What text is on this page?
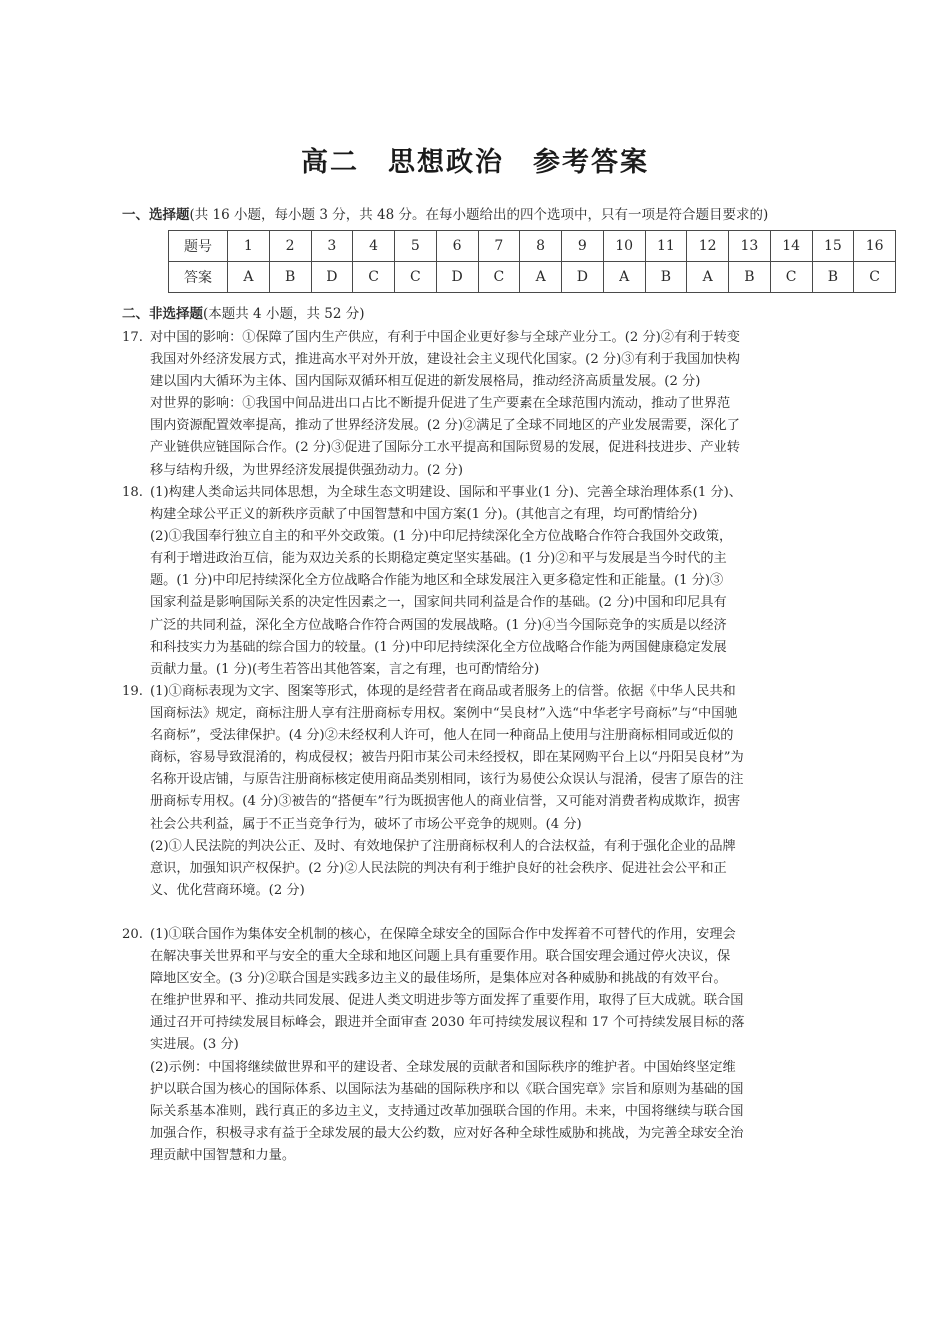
高二　思想政治　参考答案
一、选择题(共 16 小题，每小题 3 分，共 48 分。在每小题给出的四个选项中，只有一项是符合题目要求的)
题号	1	2	3	4	5	6	7	8	9	10	11	12	13	14	15	16
答案	A	B	D	C	C	D	C	A	D	A	B	A	B	C	B	C
二、非选择题(本题共 4 小题，共 52 分)

17. 对中国的影响：①保障了国内生产供应，有利于中国企业更好参与全球产业分工。(2 分)②有利于转变

我国对外经济发展方式，推进高水平对外开放，建设社会主义现代化国家。(2 分)③有利于我国加快构

建以国内大循环为主体、国内国际双循环相互促进的新发展格局，推动经济高质量发展。(2 分)

对世界的影响：①我国中间品进出口占比不断提升促进了生产要素在全球范围内流动，推动了世界范

围内资源配置效率提高，推动了世界经济发展。(2 分)②满足了全球不同地区的产业发展需要，深化了

产业链供应链国际合作。(2 分)③促进了国际分工水平提高和国际贸易的发展，促进科技进步、产业转

移与结构升级，为世界经济发展提供强劲动力。(2 分)

18. (1)构建人类命运共同体思想，为全球生态文明建设、国际和平事业(1 分)、完善全球治理体系(1 分)、

构建全球公平正义的新秩序贡献了中国智慧和中国方案(1 分)。(其他言之有理，均可酌情给分)

(2)①我国奉行独立自主的和平外交政策。(1 分)中印尼持续深化全方位战略合作符合我国外交政策，

有利于增进政治互信，能为双边关系的长期稳定奠定坚实基础。(1 分)②和平与发展是当今时代的主

题。(1 分)中印尼持续深化全方位战略合作能为地区和全球发展注入更多稳定性和正能量。(1 分)③

国家利益是影响国际关系的决定性因素之一，国家间共同利益是合作的基础。(2 分)中国和印尼具有

广泛的共同利益，深化全方位战略合作符合两国的发展战略。(1 分)④当今国际竞争的实质是以经济

和科技实力为基础的综合国力的较量。(1 分)中印尼持续深化全方位战略合作能为两国健康稳定发展

贡献力量。(1 分)(考生若答出其他答案，言之有理，也可酌情给分)

19. (1)①商标表现为文字、图案等形式，体现的是经营者在商品或者服务上的信誉。依据《中华人民共和

国商标法》规定，商标注册人享有注册商标专用权。案例中“吴良材”入选“中华老字号商标”与“中国驰

名商标”，受法律保护。(4 分)②未经权利人许可，他人在同一种商品上使用与注册商标相同或近似的

商标，容易导致混淆的，构成侵权；被告丹阳市某公司未经授权，即在某网购平台上以“丹阳吴良材”为

名称开设店铺，与原告注册商标核定使用商品类别相同，该行为易使公众误认与混淆，侵害了原告的注

册商标专用权。(4 分)③被告的“搭便车”行为既损害他人的商业信誉，又可能对消费者构成欺诈，损害

社会公共利益，属于不正当竞争行为，破坏了市场公平竞争的规则。(4 分)

(2)①人民法院的判决公正、及时、有效地保护了注册商标权利人的合法权益，有利于强化企业的品牌

意识，加强知识产权保护。(2 分)②人民法院的判决有利于维护良好的社会秩序、促进社会公平和正

义、优化营商环境。(2 分)

20. (1)①联合国作为集体安全机制的核心，在保障全球安全的国际合作中发挥着不可替代的作用，安理会

在解决事关世界和平与安全的重大全球和地区问题上具有重要作用。联合国安理会通过停火决议，保

障地区安全。(3 分)②联合国是实践多边主义的最佳场所，是集体应对各种威胁和挑战的有效平台。

在维护世界和平、推动共同发展、促进人类文明进步等方面发挥了重要作用，取得了巨大成就。联合国

通过召开可持续发展目标峰会，跟进并全面审查 2030 年可持续发展议程和 17 个可持续发展目标的落

实进展。(3 分)

(2)示例：中国将继续做世界和平的建设者、全球发展的贡献者和国际秩序的维护者。中国始终坚定维

护以联合国为核心的国际体系、以国际法为基础的国际秩序和以《联合国宪章》宗旨和原则为基础的国

际关系基本准则，践行真正的多边主义，支持通过改革加强联合国的作用。未来，中国将继续与联合国

加强合作，积极寻求有益于全球发展的最大公约数，应对好各种全球性威胁和挑战，为完善全球安全治

理贡献中国智慧和力量。
